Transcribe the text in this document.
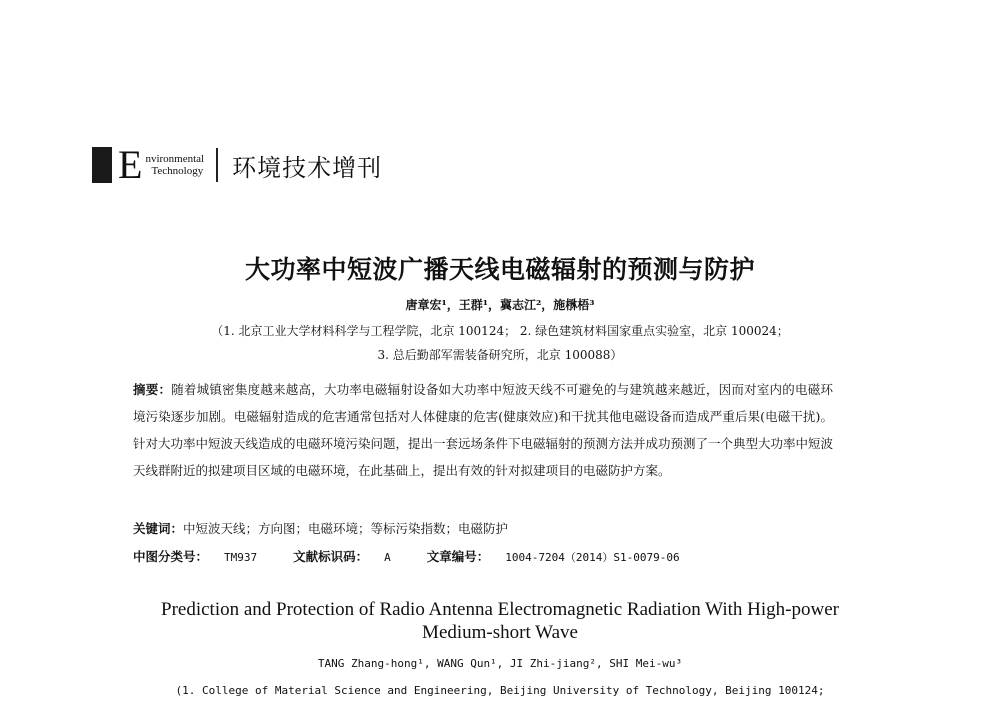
E nvironmental
Technology 环境技术增刊
大功率中短波广播天线电磁辐射的预测与防护
唐章宏¹，王群¹，冀志江²，施㮊梧³
（1. 北京工业大学材料科学与工程学院，北京 100124； 2. 绿色建筑材料国家重点实验室，北京 100024；
3. 总后勤部军需装备研究所，北京 100088）
摘要：随着城镇密集度越来越高，大功率电磁辐射设备如大功率中短波天线不可避免的与建筑越来越近，因而对室内的电磁环境污染逐步加剧。电磁辐射造成的危害通常包括对人体健康的危害(健康效应)和干扰其他电磁设备而造成严重后果(电磁干扰)。针对大功率中短波天线造成的电磁环境污染问题，提出一套远场条件下电磁辐射的预测方法并成功预测了一个典型大功率中短波天线群附近的拟建项目区域的电磁环境，在此基础上，提出有效的针对拟建项目的电磁防护方案。
关键词：中短波天线；方向图；电磁环境；等标污染指数；电磁防护
中图分类号： TM937	文献标识码： A	文章编号： 1004-7204（2014）S1-0079-06
Prediction and Protection of Radio Antenna Electromagnetic Radiation With High-power Medium-short Wave
TANG Zhang-hong¹, WANG Qun¹, JI Zhi-jiang², SHI Mei-wu³
(1. College of Material Science and Engineering, Beijing University of Technology, Beijing 100124;
